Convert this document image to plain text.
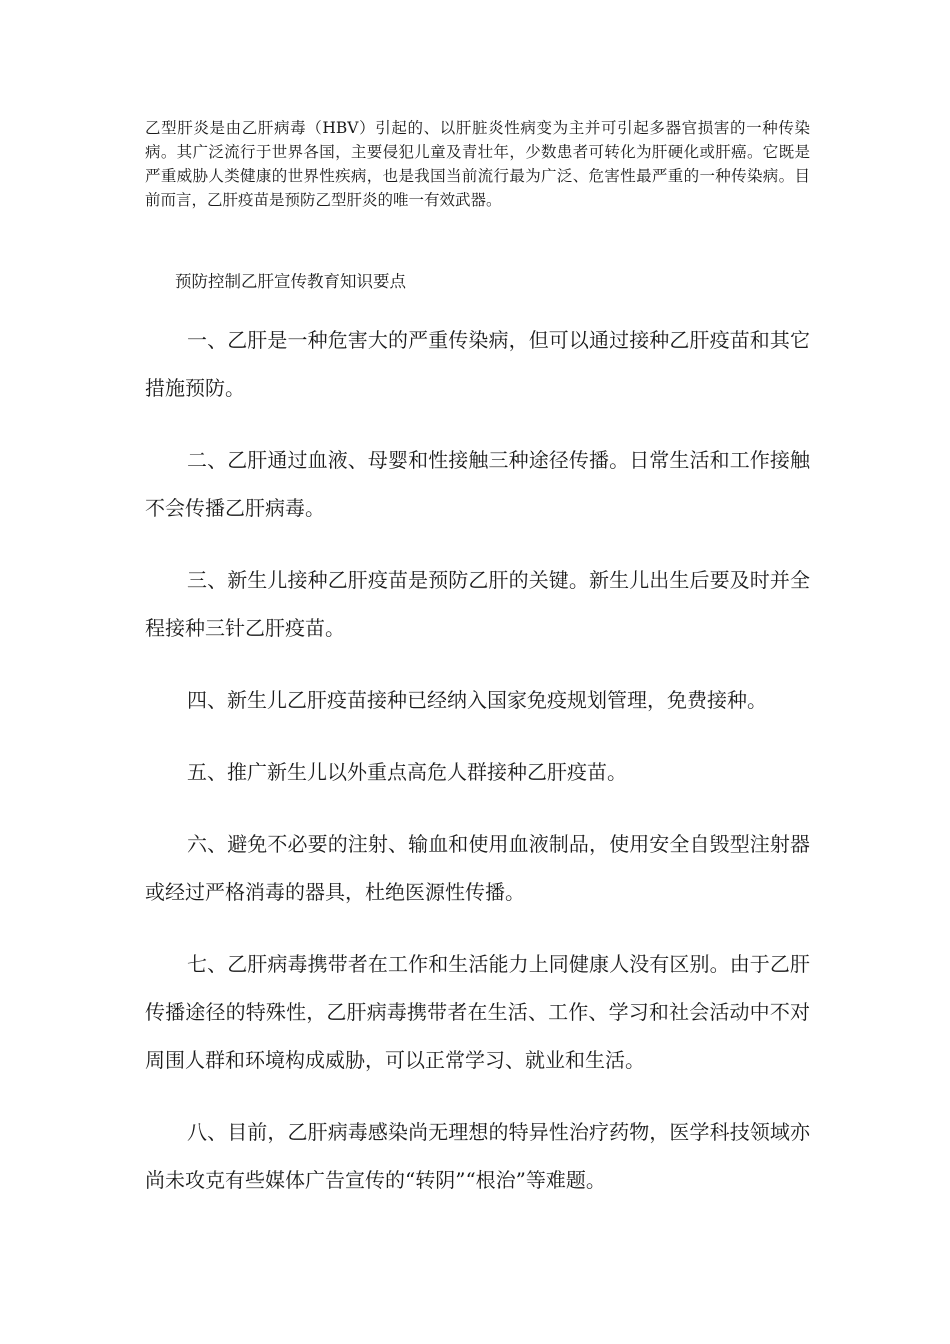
乙型肝炎是由乙肝病毒（HBV）引起的、以肝脏炎性病变为主并可引起多器官损害的一种传染病。其广泛流行于世界各国，主要侵犯儿童及青壮年，少数患者可转化为肝硬化或肝癌。它既是严重威胁人类健康的世界性疾病，也是我国当前流行最为广泛、危害性最严重的一种传染病。目前而言，乙肝疫苗是预防乙型肝炎的唯一有效武器。

预防控制乙肝宣传教育知识要点

一、乙肝是一种危害大的严重传染病，但可以通过接种乙肝疫苗和其它措施预防。
二、乙肝通过血液、母婴和性接触三种途径传播。日常生活和工作接触不会传播乙肝病毒。
三、新生儿接种乙肝疫苗是预防乙肝的关键。新生儿出生后要及时并全程接种三针乙肝疫苗。
四、新生儿乙肝疫苗接种已经纳入国家免疫规划管理，免费接种。
五、推广新生儿以外重点高危人群接种乙肝疫苗。
六、避免不必要的注射、输血和使用血液制品，使用安全自毁型注射器或经过严格消毒的器具，杜绝医源性传播。
七、乙肝病毒携带者在工作和生活能力上同健康人没有区别。由于乙肝传播途径的特殊性，乙肝病毒携带者在生活、工作、学习和社会活动中不对周围人群和环境构成威胁，可以正常学习、就业和生活。
八、目前，乙肝病毒感染尚无理想的特异性治疗药物，医学科技领域亦尚未攻克有些媒体广告宣传的“转阴”“根治”等难题。
